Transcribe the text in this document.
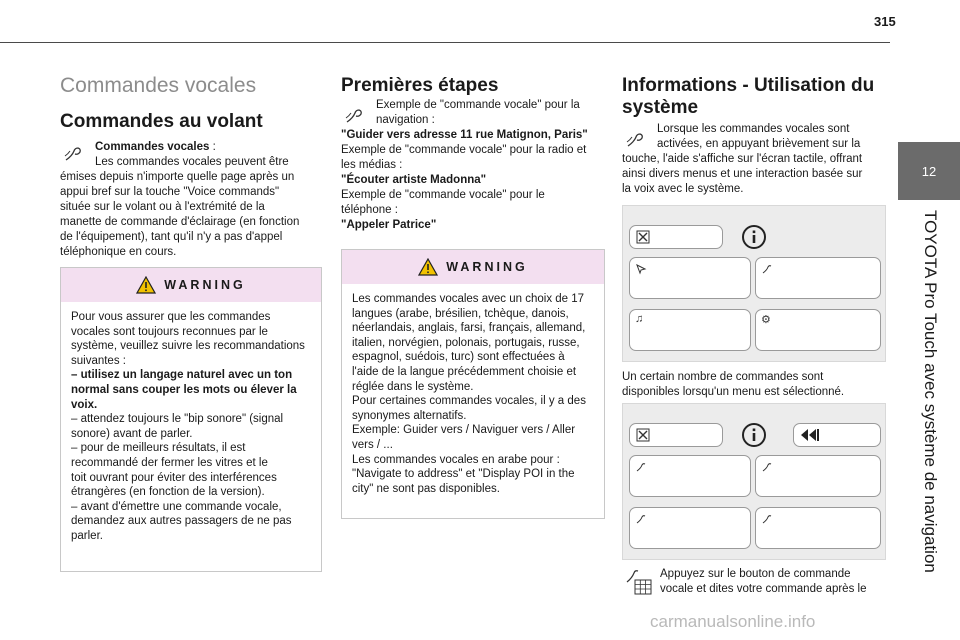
315
12
TOYOTA Pro Touch avec système de navigation
Commandes vocales
Commandes au volant
Commandes vocales :
Les commandes vocales peuvent être
émises depuis n'importe quelle page après un
appui bref sur la touche "Voice commands"
située sur le volant ou à l'extrémité de la
manette de commande d'éclairage (en fonction
de l'équipement), tant qu'il n'y a pas d'appel
téléphonique en cours.
WARNING
Pour vous assurer que les commandes
vocales sont toujours reconnues par le
système, veuillez suivre les recommandations
suivantes :
– utilisez un langage naturel avec un ton
normal sans couper les mots ou élever la
voix.
– attendez toujours le "bip sonore" (signal
sonore) avant de parler.
– pour de meilleurs résultats, il est
recommandé der fermer les vitres et le
toit ouvrant pour éviter des interférences
étrangères (en fonction de la version).
– avant d'émettre une commande vocale,
demandez aux autres passagers de ne pas
parler.
Premières étapes
Exemple de "commande vocale" pour la
navigation :
"Guider vers adresse 11 rue Matignon, Paris"
Exemple de "commande vocale" pour la radio et
les médias :
"Écouter artiste Madonna"
Exemple de "commande vocale" pour le
téléphone :
"Appeler Patrice"
WARNING
Les commandes vocales avec un choix de 17
langues (arabe, brésilien, tchèque, danois,
néerlandais, anglais, farsi, français, allemand,
italien, norvégien, polonais, portugais, russe,
espagnol, suédois, turc) sont effectuées à
l'aide de la langue précédemment choisie et
réglée dans le système.
Pour certaines commandes vocales, il y a des
synonymes alternatifs.
Exemple: Guider vers / Naviguer vers / Aller
vers / ...
Les commandes vocales en arabe pour :
"Navigate to address" et "Display POI in the
city" ne sont pas disponibles.
Informations - Utilisation du
système
Lorsque les commandes vocales sont
activées, en appuyant brièvement sur la
touche, l'aide s'affiche sur l'écran tactile, offrant
ainsi divers menus et une interaction basée sur
la voix avec le système.
♫	⚙
Un certain nombre de commandes sont
disponibles lorsqu'un menu est sélectionné.
Appuyez sur le bouton de commande
vocale et dites votre commande après le
carmanualsonline.info
